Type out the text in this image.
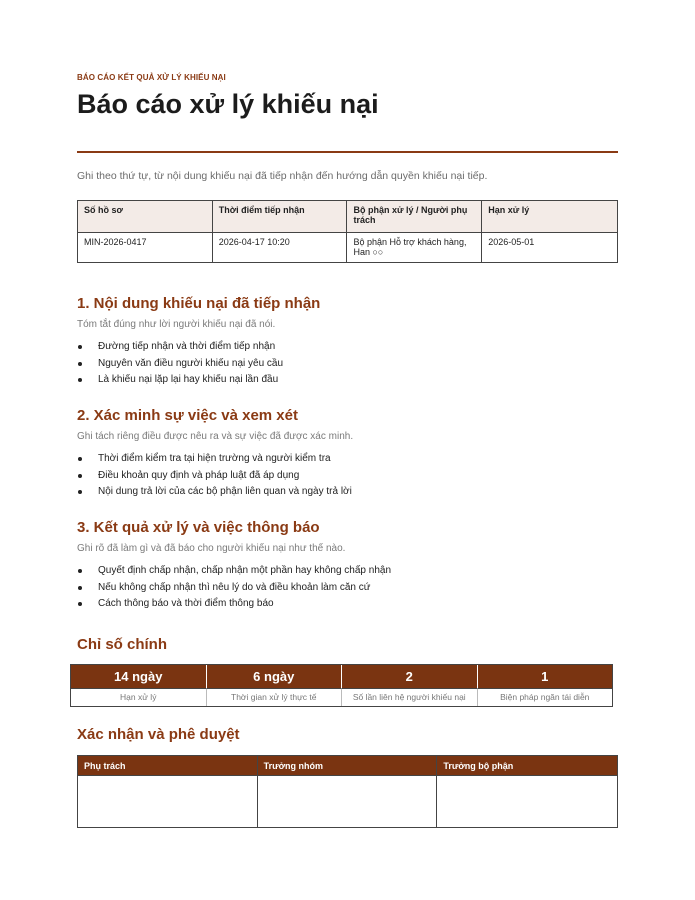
BÁO CÁO KẾT QUẢ XỬ LÝ KHIẾU NẠI
Báo cáo xử lý khiếu nại
Ghi theo thứ tự, từ nội dung khiếu nại đã tiếp nhận đến hướng dẫn quyền khiếu nại tiếp.
Số hồ sơ	Thời điểm tiếp nhận	Bộ phận xử lý / Người phụ trách	Hạn xử lý
MIN-2026-0417	2026-04-17 10:20	Bộ phận Hỗ trợ khách hàng, Han ○○	2026-05-01
1. Nội dung khiếu nại đã tiếp nhận
Tóm tắt đúng như lời người khiếu nại đã nói.
Đường tiếp nhận và thời điểm tiếp nhận
Nguyên văn điều người khiếu nại yêu cầu
Là khiếu nại lặp lại hay khiếu nại lần đầu
2. Xác minh sự việc và xem xét
Ghi tách riêng điều được nêu ra và sự việc đã được xác minh.
Thời điểm kiểm tra tại hiện trường và người kiểm tra
Điều khoản quy định và pháp luật đã áp dụng
Nội dung trả lời của các bộ phận liên quan và ngày trả lời
3. Kết quả xử lý và việc thông báo
Ghi rõ đã làm gì và đã báo cho người khiếu nại như thế nào.
Quyết định chấp nhận, chấp nhận một phần hay không chấp nhận
Nếu không chấp nhận thì nêu lý do và điều khoản làm căn cứ
Cách thông báo và thời điểm thông báo
Chỉ số chính
14 ngày
Hạn xử lý
6 ngày
Thời gian xử lý thực tế
2
Số lần liên hệ người khiếu nại
1
Biện pháp ngăn tái diễn
Xác nhận và phê duyệt
Phụ trách	Trưởng nhóm	Trưởng bộ phận
